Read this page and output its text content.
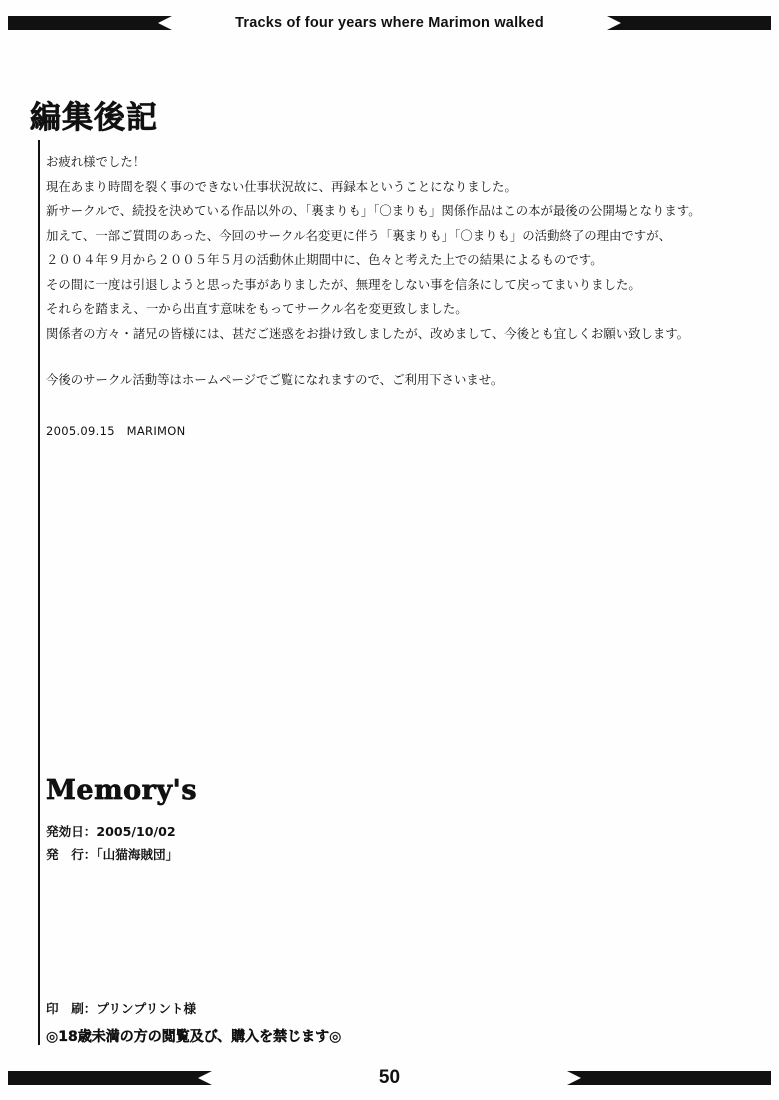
Tracks of four years where Marimon walked
編集後記
お疲れ様でした！
現在あまり時間を裂く事のできない仕事状況故に、再録本ということになりました。
新サークルで、続投を決めている作品以外の、「裏まりも」「〇まりも」関係作品はこの本が最後の公開場となります。
加えて、一部ご質問のあった、今回のサークル名変更に伴う「裏まりも」「〇まりも」の活動終了の理由ですが、
２００４年９月から２００５年５月の活動休止期間中に、色々と考えた上での結果によるものです。
その間に一度は引退しようと思った事がありましたが、無理をしない事を信条にして戻ってまいりました。
それらを踏まえ、一から出直す意味をもってサークル名を変更致しました。
関係者の方々・諸兄の皆様には、甚だご迷惑をお掛け致しましたが、改めまして、今後とも宜しくお願い致します。
今後のサークル活動等はホームページでご覧になれますので、ご利用下さいませ。
2005.09.15　MARIMON
Memory's
発効日：2005/10/02
発　行：「山猫海賊団」
印　刷：プリンプリント様
◎18歳未満の方の閲覧及び、購入を禁じます◎
50
